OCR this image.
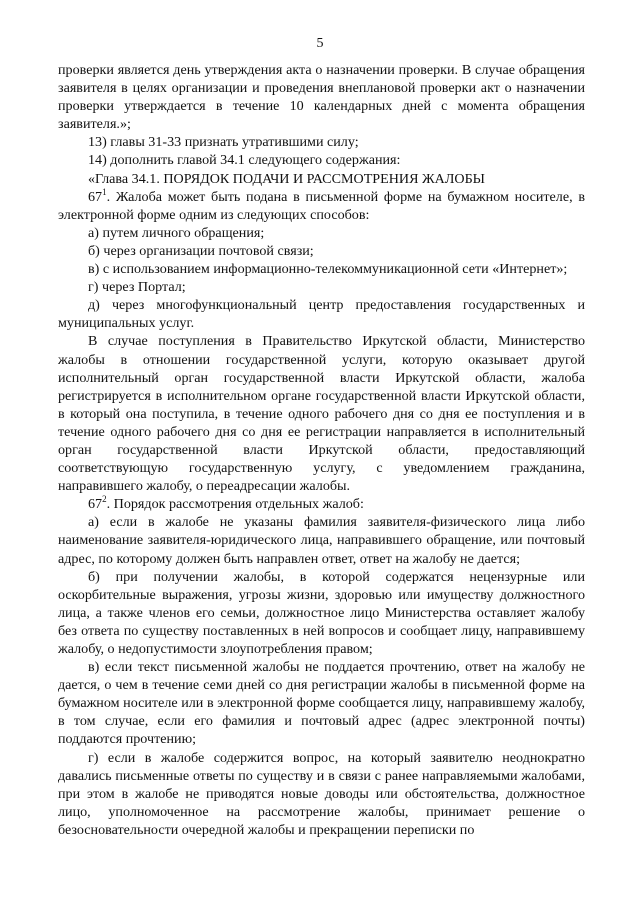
5

проверки является день утверждения акта о назначении проверки. В случае обращения заявителя в целях организации и проведения внеплановой проверки акт о назначении проверки утверждается в течение 10 календарных дней с момента обращения заявителя.»;

13) главы 31-33 признать утратившими силу;

14) дополнить главой 34.1 следующего содержания:

«Глава 34.1. ПОРЯДОК ПОДАЧИ И РАССМОТРЕНИЯ ЖАЛОБЫ

$67^1$. Жалоба может быть подана в письменной форме на бумажном носителе, в электронной форме одним из следующих способов:

а) путем личного обращения;

б) через организации почтовой связи;

в) с использованием информационно-телекоммуникационной сети «Интернет»;

г) через Портал;

д) через многофункциональный центр предоставления государственных и муниципальных услуг.

В случае поступления в Правительство Иркутской области, Министерство жалобы в отношении государственной услуги, которую оказывает другой исполнительный орган государственной власти Иркутской области, жалоба регистрируется в исполнительном органе государственной власти Иркутской области, в который она поступила, в течение одного рабочего дня со дня ее поступления и в течение одного рабочего дня со дня ее регистрации направляется в исполнительный орган государственной власти Иркутской области, предоставляющий соответствующую государственную услугу, с уведомлением гражданина, направившего жалобу, о переадресации жалобы.

$67^2$. Порядок рассмотрения отдельных жалоб:

а) если в жалобе не указаны фамилия заявителя-физического лица либо наименование заявителя-юридического лица, направившего обращение, или почтовый адрес, по которому должен быть направлен ответ, ответ на жалобу не дается;

б) при получении жалобы, в которой содержатся нецензурные или оскорбительные выражения, угрозы жизни, здоровью или имуществу должностного лица, а также членов его семьи, должностное лицо Министерства оставляет жалобу без ответа по существу поставленных в ней вопросов и сообщает лицу, направившему жалобу, о недопустимости злоупотребления правом;

в) если текст письменной жалобы не поддается прочтению, ответ на жалобу не дается, о чем в течение семи дней со дня регистрации жалобы в письменной форме на бумажном носителе или в электронной форме сообщается лицу, направившему жалобу, в том случае, если его фамилия и почтовый адрес (адрес электронной почты) поддаются прочтению;

г) если в жалобе содержится вопрос, на который заявителю неоднократно давались письменные ответы по существу и в связи с ранее направляемыми жалобами, при этом в жалобе не приводятся новые доводы или обстоятельства, должностное лицо, уполномоченное на рассмотрение жалобы, принимает решение о безосновательности очередной жалобы и прекращении переписки по
